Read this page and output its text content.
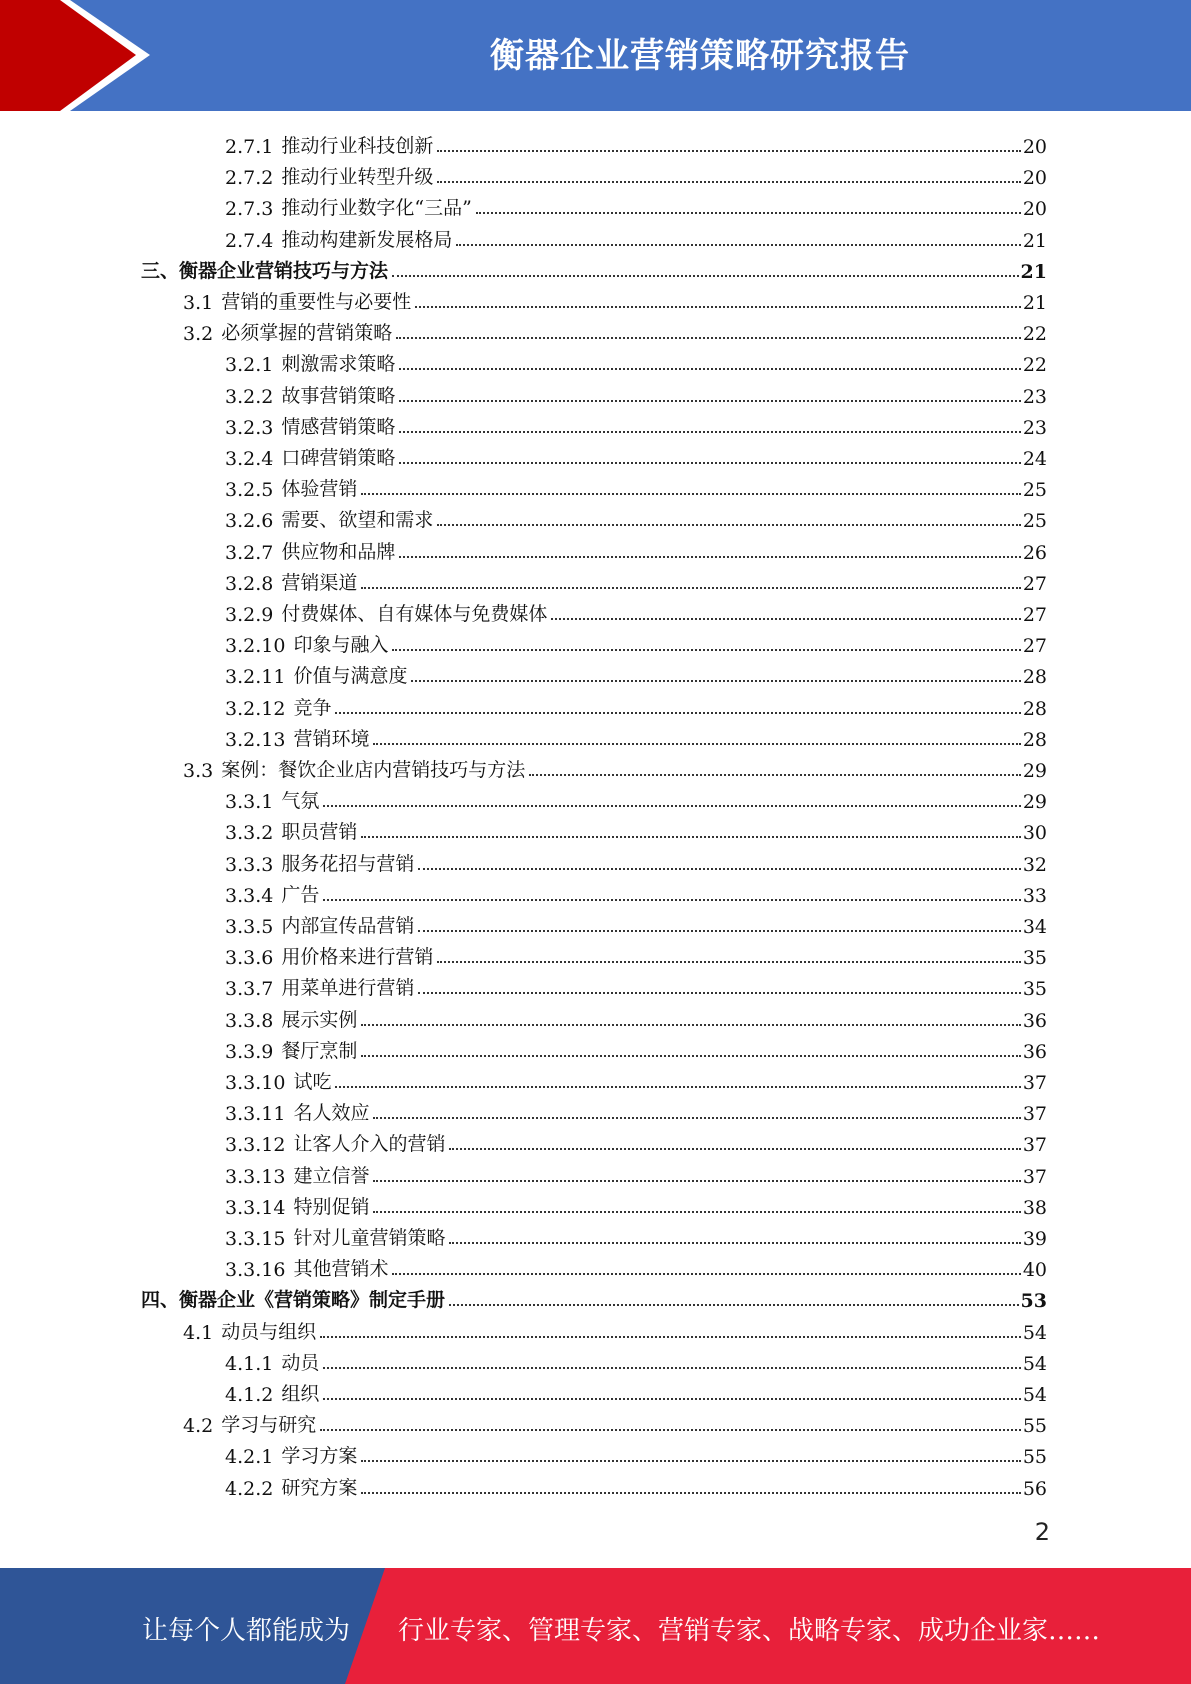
衡器企业营销策略研究报告
2.7.1 推动行业科技创新	20
2.7.2 推动行业转型升级	20
2.7.3 推动行业数字化“三品”	20
2.7.4 推动构建新发展格局	21
三、 衡器企业营销技巧与方法	21
3.1 营销的重要性与必要性	21
3.2 必须掌握的营销策略	22
3.2.1 刺激需求策略	22
3.2.2 故事营销策略	23
3.2.3 情感营销策略	23
3.2.4 口碑营销策略	24
3.2.5 体验营销	25
3.2.6 需要、欲望和需求	25
3.2.7 供应物和品牌	26
3.2.8 营销渠道	27
3.2.9 付费媒体、自有媒体与免费媒体	27
3.2.10 印象与融入	27
3.2.11 价值与满意度	28
3.2.12 竞争	28
3.2.13 营销环境	28
3.3 案例：餐饮企业店内营销技巧与方法	29
3.3.1 气氛	29
3.3.2 职员营销	30
3.3.3 服务花招与营销	32
3.3.4 广告	33
3.3.5 内部宣传品营销	34
3.3.6 用价格来进行营销	35
3.3.7 用菜单进行营销	35
3.3.8 展示实例	36
3.3.9 餐厅烹制	36
3.3.10 试吃	37
3.3.11 名人效应	37
3.3.12 让客人介入的营销	37
3.3.13 建立信誉	37
3.3.14 特别促销	38
3.3.15 针对儿童营销策略	39
3.3.16 其他营销术	40
四、 衡器企业《营销策略》制定手册	53
4.1 动员与组织	54
4.1.1 动员	54
4.1.2 组织	54
4.2 学习与研究	55
4.2.1 学习方案	55
4.2.2 研究方案	56
2
让每个人都能成为 行业专家、管理专家、营销专家、战略专家、成功企业家……
